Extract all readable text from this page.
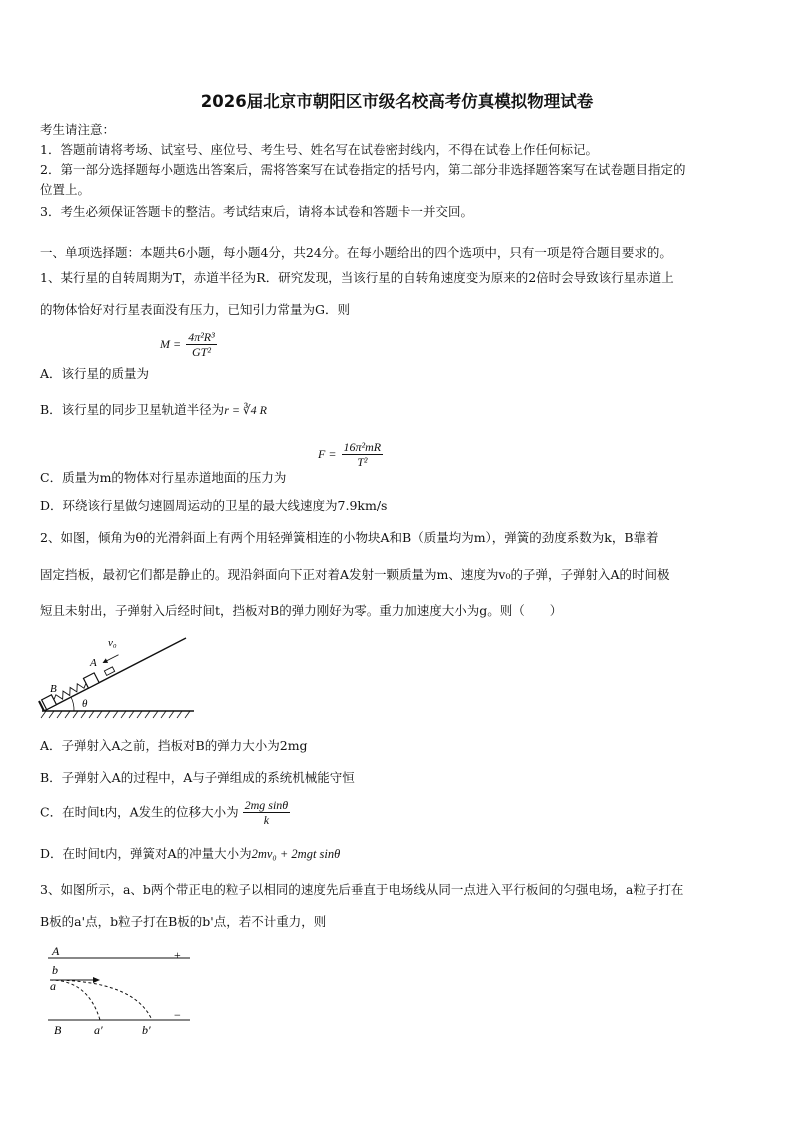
2026届北京市朝阳区市级名校高考仿真模拟物理试卷
考生请注意：
1．答题前请将考场、试室号、座位号、考生号、姓名写在试卷密封线内，不得在试卷上作任何标记。
2．第一部分选择题每小题选出答案后，需将答案写在试卷指定的括号内，第二部分非选择题答案写在试卷题目指定的
位置上。
3．考生必须保证答题卡的整洁。考试结束后，请将本试卷和答题卡一并交回。
一、单项选择题：本题共6小题，每小题4分，共24分。在每小题给出的四个选项中，只有一项是符合题目要求的。
1、某行星的自转周期为T，赤道半径为R．研究发现，当该行星的自转角速度变为原来的2倍时会导致该行星赤道上
的物体恰好对行星表面没有压力，已知引力常量为G．则
A．该行星的质量为
$M = \frac{\text{4π²R³}}{\text{GT²}}$
B．该行星的同步卫星轨道半径为r = ∛4 R
$F = \frac{\text{16π²mR}}{\text{T²}}$
C．质量为m的物体对行星赤道地面的压力为
D．环绕该行星做匀速圆周运动的卫星的最大线速度为7.9km/s
2、如图，倾角为θ的光滑斜面上有两个用轻弹簧相连的小物块A和B（质量均为m），弹簧的劲度系数为k，B靠着
固定挡板，最初它们都是静止的。现沿斜面向下正对着A发射一颗质量为m、速度为v₀的子弹，子弹射入A的时间极
短且未射出，子弹射入后经时间t，挡板对B的弹力刚好为零。重力加速度大小为g。则（　　）
v₀
A
B
θ
A．子弹射入A之前，挡板对B的弹力大小为2mg
B．子弹射入A的过程中，A与子弹组成的系统机械能守恒
C．在时间t内，A发生的位移大小为 $\frac{\text{2mg sinθ}}{k}$
D．在时间t内，弹簧对A的冲量大小为2mv₀ + 2mgt sinθ
3、如图所示，a、b两个带正电的粒子以相同的速度先后垂直于电场线从同一点进入平行板间的匀强电场，a粒子打在
B板的a'点，b粒子打在B板的b'点，若不计重力，则
A	+
b
a
B	a′	b′
−
